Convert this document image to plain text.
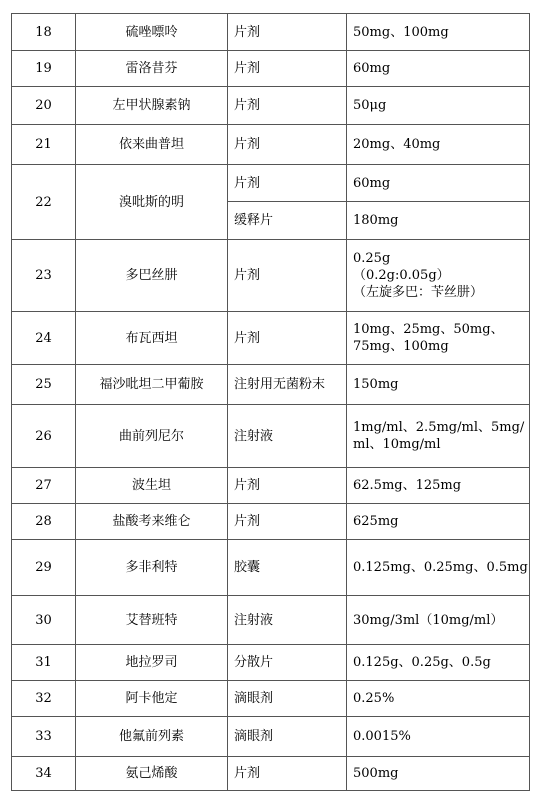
18	硫唑嘌呤	片剂	50mg、100mg

19	雷洛昔芬	片剂	60mg

20	左甲状腺素钠	片剂	50μg

21	依来曲普坦	片剂	20mg、40mg

22	溴吡斯的明	片剂	60mg

		缓释片	180mg

23	多巴丝肼	片剂	0.25g
（0.2g:0.05g）
（左旋多巴：苄丝肼）

24	布瓦西坦	片剂	10mg、25mg、50mg、
75mg、100mg

25	福沙吡坦二甲葡胺	注射用无菌粉末	150mg

26	曲前列尼尔	注射液	1mg/ml、2.5mg/ml、5mg/
ml、10mg/ml

27	波生坦	片剂	62.5mg、125mg

28	盐酸考来维仑	片剂	625mg

29	多非利特	胶囊	0.125mg、0.25mg、0.5mg

30	艾替班特	注射液	30mg/3ml（10mg/ml）

31	地拉罗司	分散片	0.125g、0.25g、0.5g

32	阿卡他定	滴眼剂	0.25%

33	他氟前列素	滴眼剂	0.0015%

34	氨己烯酸	片剂	500mg
